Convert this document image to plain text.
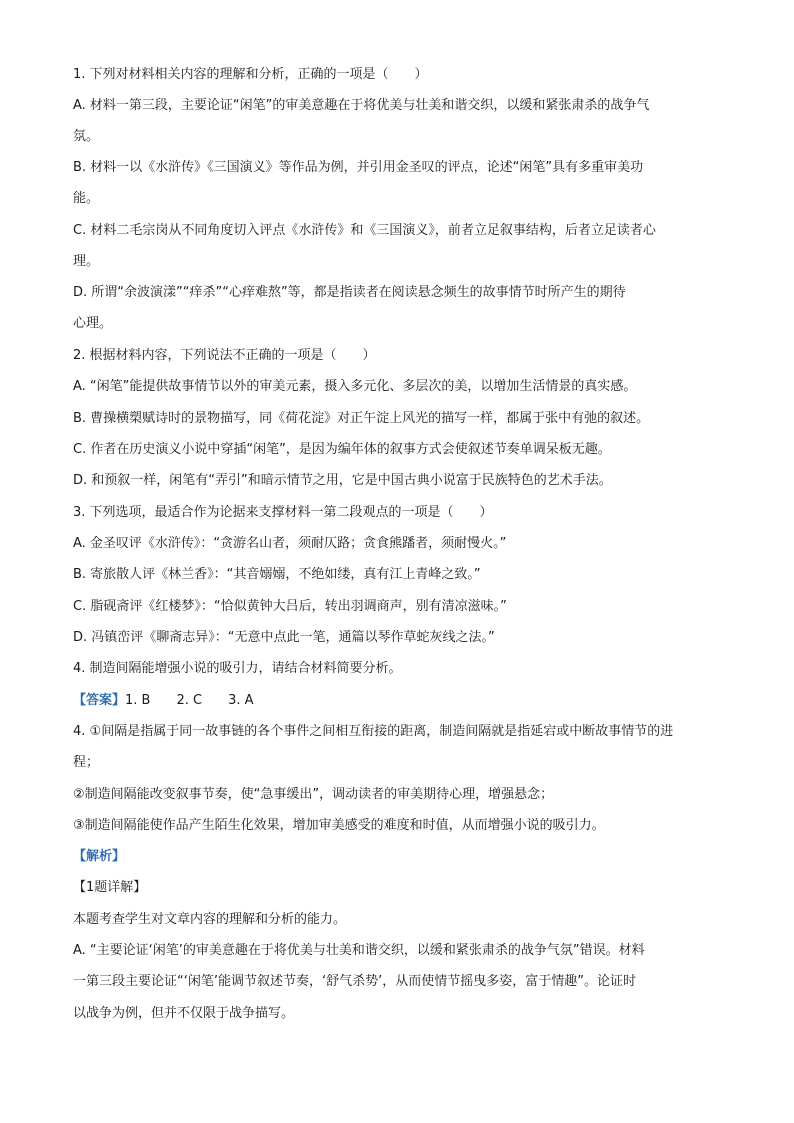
1. 下列对材料相关内容的理解和分析，正确的一项是（　　）
A. 材料一第三段，主要论证“闲笔”的审美意趣在于将优美与壮美和谐交织，以缓和紧张肃杀的战争气
氛。
B. 材料一以《水浒传》《三国演义》等作品为例，并引用金圣叹的评点，论述“闲笔”具有多重审美功
能。
C. 材料二毛宗岗从不同角度切入评点《水浒传》和《三国演义》，前者立足叙事结构，后者立足读者心
理。
D. 所谓“余波演漾”“痒杀”“心痒难熬”等，都是指读者在阅读悬念频生的故事情节时所产生的期待
心理。
2. 根据材料内容，下列说法不正确的一项是（　　）
A. “闲笔”能提供故事情节以外的审美元素，摄入多元化、多层次的美，以增加生活情景的真实感。
B. 曹操横槊赋诗时的景物描写，同《荷花淀》对正午淀上风光的描写一样，都属于张中有弛的叙述。
C. 作者在历史演义小说中穿插“闲笔”，是因为编年体的叙事方式会使叙述节奏单调呆板无趣。
D. 和预叙一样，闲笔有“弄引”和暗示情节之用，它是中国古典小说富于民族特色的艺术手法。
3. 下列选项，最适合作为论据来支撑材料一第二段观点的一项是（　　）
A. 金圣叹评《水浒传》：“贪游名山者，须耐仄路；贪食熊蹯者，须耐慢火。”
B. 寄旅散人评《林兰香》：“其音嫋嫋，不绝如缕，真有江上青峰之致。”
C. 脂砚斋评《红楼梦》：“恰似黄钟大吕后，转出羽调商声，别有清凉滋味。”
D. 冯镇峦评《聊斋志异》：“无意中点此一笔，通篇以琴作草蛇灰线之法。”
4. 制造间隔能增强小说的吸引力，请结合材料简要分析。
【答案】1. B 2. C 3. A
4. ①间隔是指属于同一故事链的各个事件之间相互衔接的距离，制造间隔就是指延宕或中断故事情节的进
程；
②制造间隔能改变叙事节奏，使“急事缓出”，调动读者的审美期待心理，增强悬念；
③制造间隔能使作品产生陌生化效果，增加审美感受的难度和时值，从而增强小说的吸引力。
【解析】
【1题详解】
本题考查学生对文章内容的理解和分析的能力。
A. “主要论证‘闲笔’的审美意趣在于将优美与壮美和谐交织，以缓和紧张肃杀的战争气氛”错误。材料
一第三段主要论证“‘闲笔’能调节叙述节奏，‘舒气杀势’，从而使情节摇曳多姿，富于情趣”。论证时
以战争为例，但并不仅限于战争描写。
